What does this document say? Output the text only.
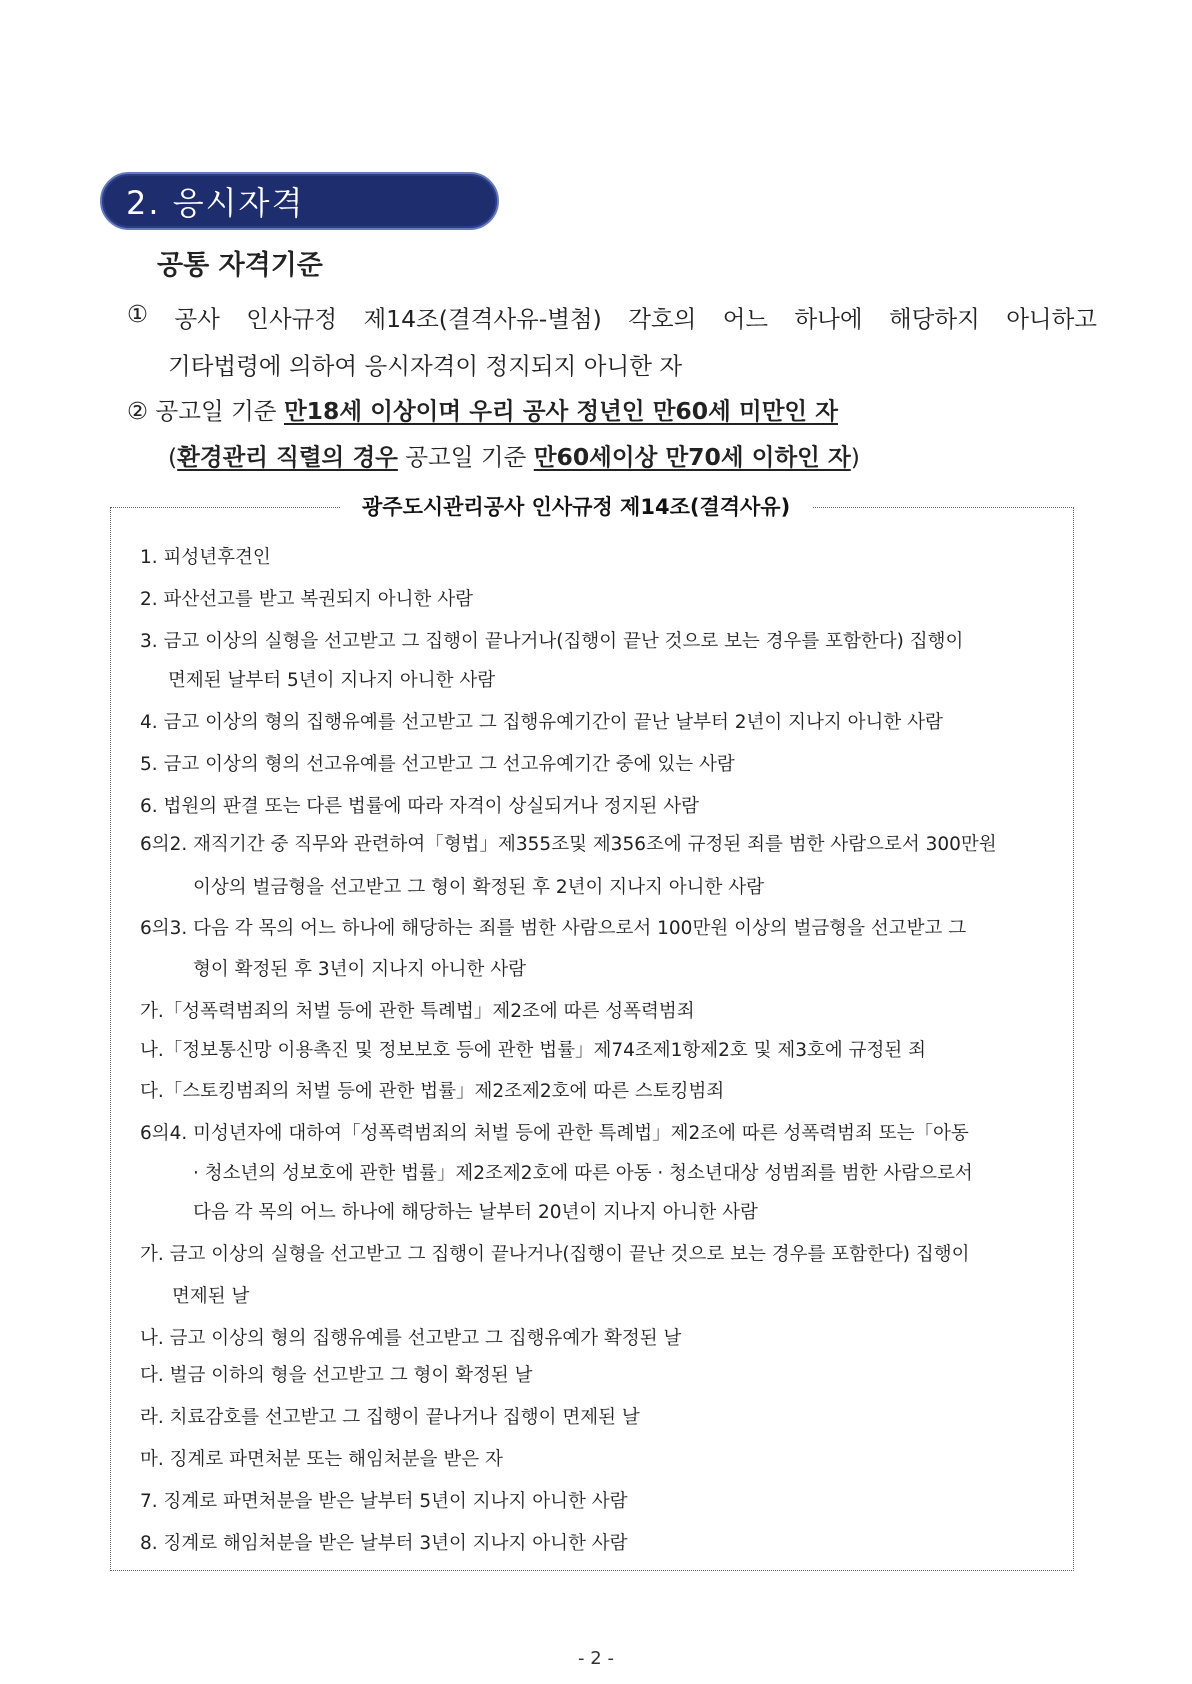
2. 응시자격
공통 자격기준
① 공사 인사규정 제14조(결격사유-별첨) 각호의 어느 하나에 해당하지 아니하고
기타법령에 의하여 응시자격이 정지되지 아니한 자
② 공고일 기준 만18세 이상이며 우리 공사 정년인 만60세 미만인 자
(환경관리 직렬의 경우 공고일 기준 만60세이상 만70세 이하인 자)
광주도시관리공사 인사규정 제14조(결격사유)
1. 피성년후견인
2. 파산선고를 받고 복권되지 아니한 사람
3. 금고 이상의 실형을 선고받고 그 집행이 끝나거나(집행이 끝난 것으로 보는 경우를 포함한다) 집행이
면제된 날부터 5년이 지나지 아니한 사람
4. 금고 이상의 형의 집행유예를 선고받고 그 집행유예기간이 끝난 날부터 2년이 지나지 아니한 사람
5. 금고 이상의 형의 선고유예를 선고받고 그 선고유예기간 중에 있는 사람
6. 법원의 판결 또는 다른 법률에 따라 자격이 상실되거나 정지된 사람
6의2. 재직기간 중 직무와 관련하여「형법」제355조및 제356조에 규정된 죄를 범한 사람으로서 300만원
이상의 벌금형을 선고받고 그 형이 확정된 후 2년이 지나지 아니한 사람
6의3. 다음 각 목의 어느 하나에 해당하는 죄를 범한 사람으로서 100만원 이상의 벌금형을 선고받고 그
형이 확정된 후 3년이 지나지 아니한 사람
가.「성폭력범죄의 처벌 등에 관한 특례법」제2조에 따른 성폭력범죄
나.「정보통신망 이용촉진 및 정보보호 등에 관한 법률」제74조제1항제2호 및 제3호에 규정된 죄
다.「스토킹범죄의 처벌 등에 관한 법률」제2조제2호에 따른 스토킹범죄
6의4. 미성년자에 대하여「성폭력범죄의 처벌 등에 관한 특례법」제2조에 따른 성폭력범죄 또는「아동
· 청소년의 성보호에 관한 법률」제2조제2호에 따른 아동 · 청소년대상 성범죄를 범한 사람으로서
다음 각 목의 어느 하나에 해당하는 날부터 20년이 지나지 아니한 사람
가. 금고 이상의 실형을 선고받고 그 집행이 끝나거나(집행이 끝난 것으로 보는 경우를 포함한다) 집행이
면제된 날
나. 금고 이상의 형의 집행유예를 선고받고 그 집행유예가 확정된 날
다. 벌금 이하의 형을 선고받고 그 형이 확정된 날
라. 치료감호를 선고받고 그 집행이 끝나거나 집행이 면제된 날
마. 징계로 파면처분 또는 해임처분을 받은 자
7. 징계로 파면처분을 받은 날부터 5년이 지나지 아니한 사람
8. 징계로 해임처분을 받은 날부터 3년이 지나지 아니한 사람
- 2 -
